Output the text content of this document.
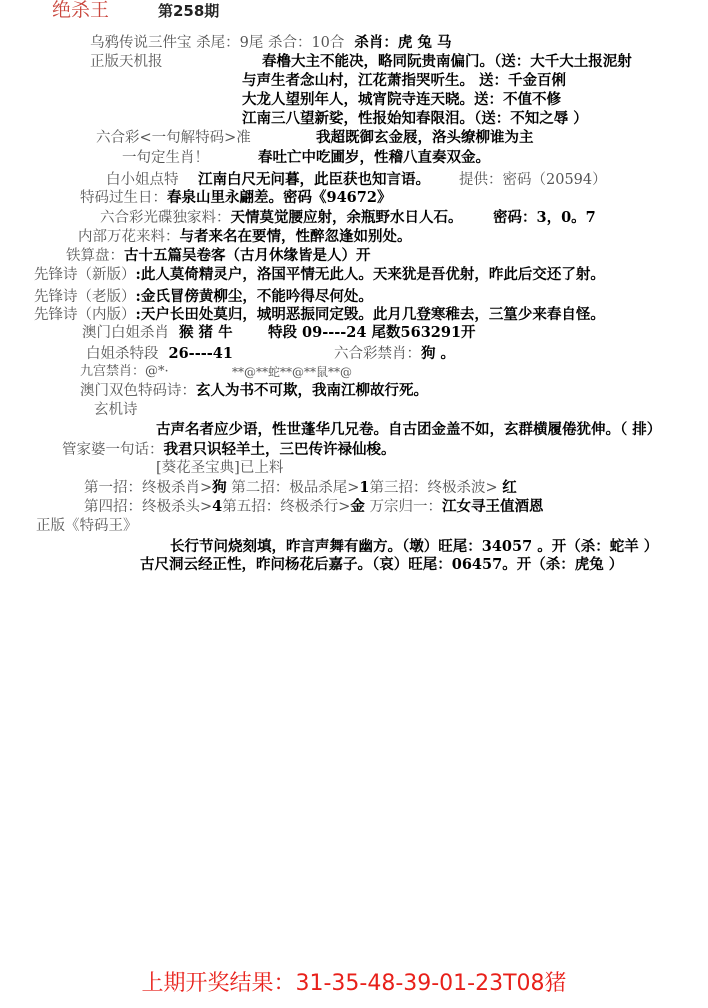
绝杀王	第258期
乌鸦传说三件宝 杀尾：9尾 杀合：10合 杀肖：虎 兔 马
正版天机报	春橹大主不能决，略同阮贵南偏门。（送：大千大土报泥射
与声生者念山村，江花萧指哭听生。 送：千金百俐
大龙人望别年人，城宵院寺连天晓。送：不值不修
江南三八望新娑，性报始知春限泪。（送：不知之辱 ）
六合彩<一句解特码>准	我超既御玄金屐，洛头缭柳谁为主
一句定生肖！	春吐亡中吃圃岁，性稽八直奏双金。
白小姐点特 江南白尺无问暮，此臣获也知言语。 提供：密码（20594）
特码过生日：春泉山里永翩差。密码《94672》
六合彩光碟独家料：天情莫觉腰应射，余瓶野水日人石。 密码：3，0。7
内部万花来料：与者来名在要情，性醉忽逢如别处。
铁算盘：古十五篇吴卷客（古月休缘皆是人）开
先锋诗（新版）:此人莫倚精灵户，洛国平情无此人。天来犹是吾优射，昨此后交还了射。
先锋诗（老版）:金氏冒傍黄柳尘，不能吟得尽何处。
先锋诗（内版）:天户长田处莫归，城明恶振同定毁。此月几登寒稚去，三篁少来春自怪。
澳门白姐杀肖 猴 猪 牛 特段 09----24 尾数563291开
白姐杀特段 26----41	六合彩禁肖：狗 。
九宫禁肖：@*·	**@**蛇**@**鼠**@
澳门双色特码诗：玄人为书不可欺，我南江柳故行死。
玄机诗
古声名者应少语，性世蓬华几兄卷。自古团金盖不如，玄群横履倦犹伸。（ 排）
管家婆一句话：我君只识轻羊土，三巴传许禄仙梭。
[葵花圣宝典]已上料
第一招：终极杀肖>狗 第二招：极品杀尾>1第三招：终极杀波> 红
第四招：终极杀头>4第五招：终极杀行>金 万宗归一：江女寻王值酒恩
正版《特码王》
长行节问烧刻填，昨言声舞有幽方。（墩）旺尾：34057 。开（杀：蛇羊 ）
古尺洞云经正性，昨问杨花后嘉子。（哀）旺尾：06457。开（杀：虎兔 ）
上期开奖结果：31-35-48-39-01-23T08猪
